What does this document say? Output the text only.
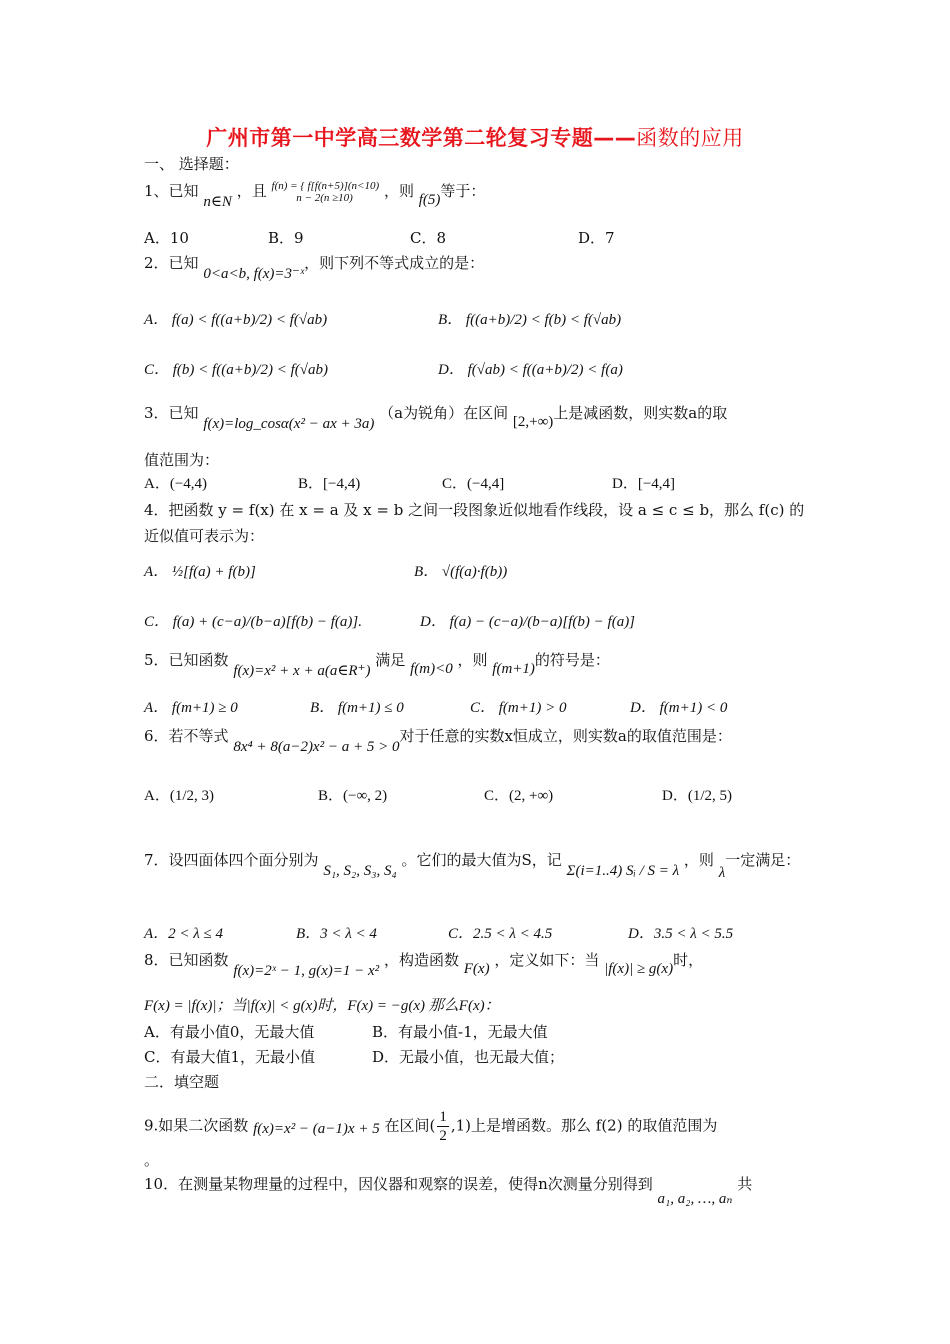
广州市第一中学高三数学第二轮复习专题——函数的应用
一、 选择题：
1、已知 n∈N ，且 f(n) = { f[f(n+5)](n<10)
n − 2(n ≥10) ，则 f(5)等于：
A．10	B．9	C．8	D．7
2．已知 0<a<b, f(x)=3⁻ˣ，则下列不等式成立的是：
A． f(a) < f((a+b)/2) < f(√ab)	B． f((a+b)/2) < f(b) < f(√ab)
C． f(b) < f((a+b)/2) < f(√ab)	D． f(√ab) < f((a+b)/2) < f(a)
3．已知 f(x)=log_cosα(x² − ax + 3a) （a为锐角）在区间 [2,+∞)上是减函数，则实数a的取
值范围为：
A．(−4,4)	B．[−4,4)	C．(−4,4]	D．[−4,4]
4．把函数 y = f(x) 在 x = a 及 x = b 之间一段图象近似地看作线段，设 a ≤ c ≤ b，那么 f(c) 的
近似值可表示为：
A． ½[f(a) + f(b)]	B． √(f(a)·f(b))
C． f(a) + (c−a)/(b−a)[f(b) − f(a)].	D． f(a) − (c−a)/(b−a)[f(b) − f(a)]
5．已知函数 f(x)=x² + x + a(a∈R⁺) 满足 f(m)<0 ，则 f(m+1)的符号是：
A． f(m+1) ≥ 0	B． f(m+1) ≤ 0	C． f(m+1) > 0	D． f(m+1) < 0
6．若不等式 8x⁴ + 8(a−2)x² − a + 5 > 0对于任意的实数x恒成立，则实数a的取值范围是：
A．(1/2, 3)	B．(−∞, 2)	C．(2, +∞)	D．(1/2, 5)
7．设四面体四个面分别为 S₁, S₂, S₃, S₄ 。它们的最大值为S，记 Σ(i=1..4) Sᵢ / S = λ ，则 λ一定满足：
A．2 < λ ≤ 4	B．3 < λ < 4	C．2.5 < λ < 4.5	D．3.5 < λ < 5.5
8．已知函数 f(x)=2ˣ − 1, g(x)=1 − x² ，构造函数 F(x) ，定义如下：当 |f(x)| ≥ g(x)时，
F(x) = |f(x)|；当|f(x)| < g(x)时，F(x) = −g(x) 那么F(x)：
A．有最小值0，无最大值	B．有最小值-1，无最大值
C．有最大值1，无最小值	D．无最小值，也无最大值；
二．填空题
9.如果二次函数 f(x)=x² − (a−1)x + 5 在区间( $\frac{1}{2} ,1$)上是增函数。那么 f(2) 的取值范围为
。
10．在测量某物理量的过程中，因仪器和观察的误差，使得n次测量分别得到 a₁, a₂, …, aₙ 共
